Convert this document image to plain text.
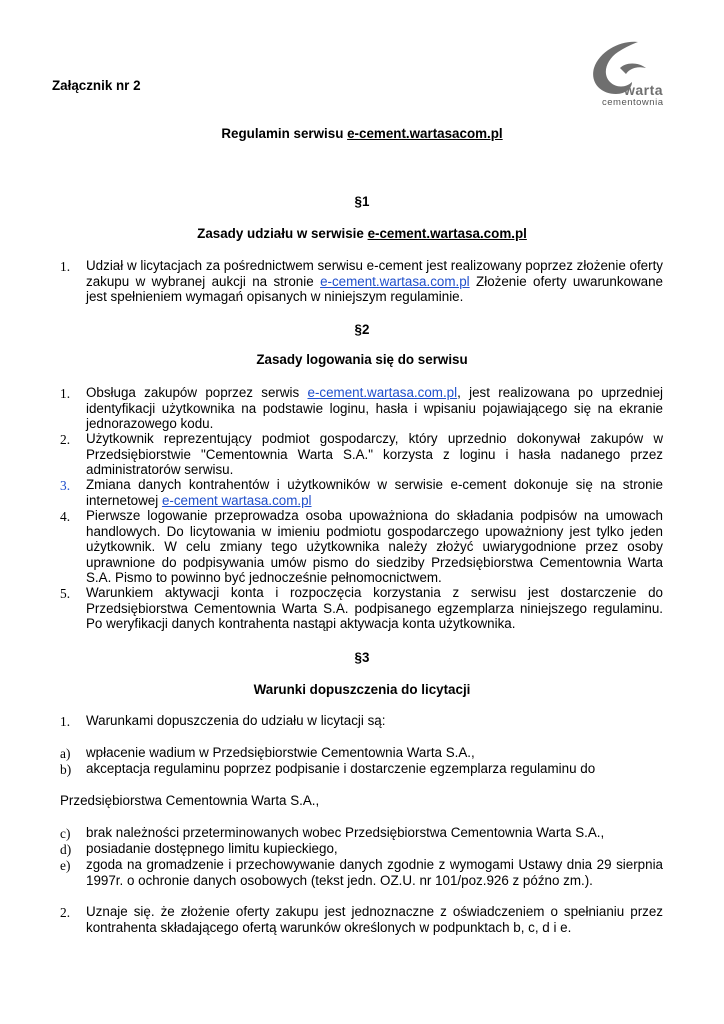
Załącznik nr 2	warta
cementownia
Regulamin serwisu e-cement.wartasacom.pl
§1
Zasady udziału w serwisie e-cement.wartasa.com.pl
1. Udział w licytacjach za pośrednictwem serwisu e-cement jest realizowany poprzez złożenie oferty zakupu w wybranej aukcji na stronie e-cement.wartasa.com.pl Złożenie oferty uwarunkowane jest spełnieniem wymagań opisanych w niniejszym regulaminie.
§2
Zasady logowania się do serwisu
1. Obsługa zakupów poprzez serwis e-cement.wartasa.com.pl, jest realizowana po uprzedniej identyfikacji użytkownika na podstawie loginu, hasła i wpisaniu pojawiającego się na ekranie jednorazowego kodu.
2. Użytkownik reprezentujący podmiot gospodarczy, który uprzednio dokonywał zakupów w Przedsiębiorstwie "Cementownia Warta S.A." korzysta z loginu i hasła nadanego przez administratorów serwisu.
3. Zmiana danych kontrahentów i użytkowników w serwisie e-cement dokonuje się na stronie internetowej e-cement wartasa.com.pl
4. Pierwsze logowanie przeprowadza osoba upoważniona do składania podpisów na umowach handlowych. Do licytowania w imieniu podmiotu gospodarczego upoważniony jest tylko jeden użytkownik. W celu zmiany tego użytkownika należy złożyć uwiarygodnione przez osoby uprawnione do podpisywania umów pismo do siedziby Przedsiębiorstwa Cementownia Warta S.A. Pismo to powinno być jednocześnie pełnomocnictwem.
5. Warunkiem aktywacji konta i rozpoczęcia korzystania z serwisu jest dostarczenie do Przedsiębiorstwa Cementownia Warta S.A. podpisanego egzemplarza niniejszego regulaminu. Po weryfikacji danych kontrahenta nastąpi aktywacja konta użytkownika.
§3
Warunki dopuszczenia do licytacji
1. Warunkami dopuszczenia do udziału w licytacji są:
a) wpłacenie wadium w Przedsiębiorstwie Cementownia Warta S.A.,
b) akceptacja regulaminu poprzez podpisanie i dostarczenie egzemplarza regulaminu do
Przedsiębiorstwa Cementownia Warta S.A.,
c) brak należności przeterminowanych wobec Przedsiębiorstwa Cementownia Warta S.A.,
d) posiadanie dostępnego limitu kupieckiego,
e) zgoda na gromadzenie i przechowywanie danych zgodnie z wymogami Ustawy dnia 29 sierpnia 1997r. o ochronie danych osobowych (tekst jedn. OZ.U. nr 101/poz.926 z późno zm.).
2. Uznaje się. że złożenie oferty zakupu jest jednoznaczne z oświadczeniem o spełnianiu przez kontrahenta składającego ofertą warunków określonych w podpunktach b, c, d i e.
